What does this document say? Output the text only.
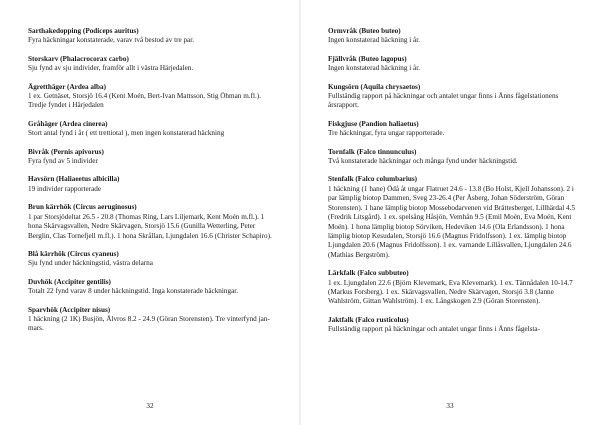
Sarthakedopping (Podiceps auritus)
Fyra häckningar konstaterade, varav två bestod av tre par.
Storskarv (Phalacrocorax carbo)
Sju fynd av sju individer, framför allt i västra Härjedalen.
Ägretthäger (Ardea alba)
1 ex. Getnäset, Storsjö 16.4 (Kent Moén, Bert-Ivan Mattsson, Stig Öhman m.fl.). Tredje fyndet i Härjedalen
Gråhäger (Ardea cinerea)
Stort antal fynd i år ( ett trettiotal ), men ingen konstaterad häckning
Bivråk (Pernis apivorus)
Fyra fynd av 5 individer
Havsörn (Haliaeetus albicilla)
19 individer rapporterade
Brun kärrhök (Circus aeruginosus)
1 par Storsjödeltat 26.5 - 20.8 (Thomas Ring, Lars Liljemark, Kent Moén m.fl.). 1 hona Skärvagsvallen, Nedre Skärvagen, Storsjö 15.6 (Gunilla Wetterling, Peter Berglin, Clas Tornefjell m.fl.). 1 hona Skrållan, Ljungdalen 16.6 (Christer Schapiro).
Blå kärrhök (Circus cyaneus)
Sju fynd under häckningstid, västra delarna
Duvhök (Accipiter gentilis)
Totalt 22 fynd varav 8 under häckningstid. Inga konstaterade häckningar.
Sparvhök (Accipiter nisus)
1 häckning (2 1K) Busjön, Älvros 8.2 - 24.9 (Göran Storensten). Tre vinterfynd jan-mars.
32
Ormvråk (Buteo buteo)
Ingen konstaterad häckning i år.
Fjällvråk (Buteo lagopus)
Ingen konstaterad häckning i år.
Kungsörn (Aquila chrysaetos)
Fullständig rapport på häckningar och antalet ungar finns i Änns fågelstationens årsrapport.
Fiskgjuse (Pandion haliaetus)
Tre häckningar, fyra ungar rapporterade.
Tornfalk (Falco tinnunculus)
Två konstaterade häckningar och många fynd under häckningstid.
Stenfalk (Falco columbarius)
1 häckning (1 hane) Ödå åt ungar Flatruet 24.6 - 13.8 (Bo Holst, Kjell Johansson). 2 i par lämplig biotop Dammen, Sveg 23-26.4 (Per Åsberg, Johan Söderström, Göran Storensten). 1 hane lämplig biotop Mossebodarvenen vid Brättesberget, Lillhärdal 4.5 (Fredrik Litsgård). 1 ex. spelsång Håsjön, Vemhån 9.5 (Emil Moén, Eva Moén, Kent Moén). 1 hona lämplig biotop Sörviken, Hedeviken 14.6 (Ola Erlandsson). 1 hona lämplig biotop Kesudalen, Storsjö 16.6 (Magnus Fridolfsson). 1 ex. lämplig biotop Ljungdalen 20.6 (Magnus Fridolfsson). 1 ex. varnande Lillåsvallen, Ljungdalen 24.6 (Mathias Bergström).
Lärkfalk (Falco subbuteo)
1 ex. Ljungdalen 22.6 (Björn Klevemark, Eva Klevemark). 1 ex. Tännådalen 10-14.7 (Markus Forsberg). 1 ex. Skärvagsvallen, Nedre Skärvagen, Storsjö 3.8 (Janne Wahlström, Gittan Wahlström). 1 ex. Långskogen 2.9 (Göran Storensten).
Jaktfalk (Falco rusticolus)
Fullständig rapport på häckningar och antalet ungar finns i Änns fågelsta-
33
